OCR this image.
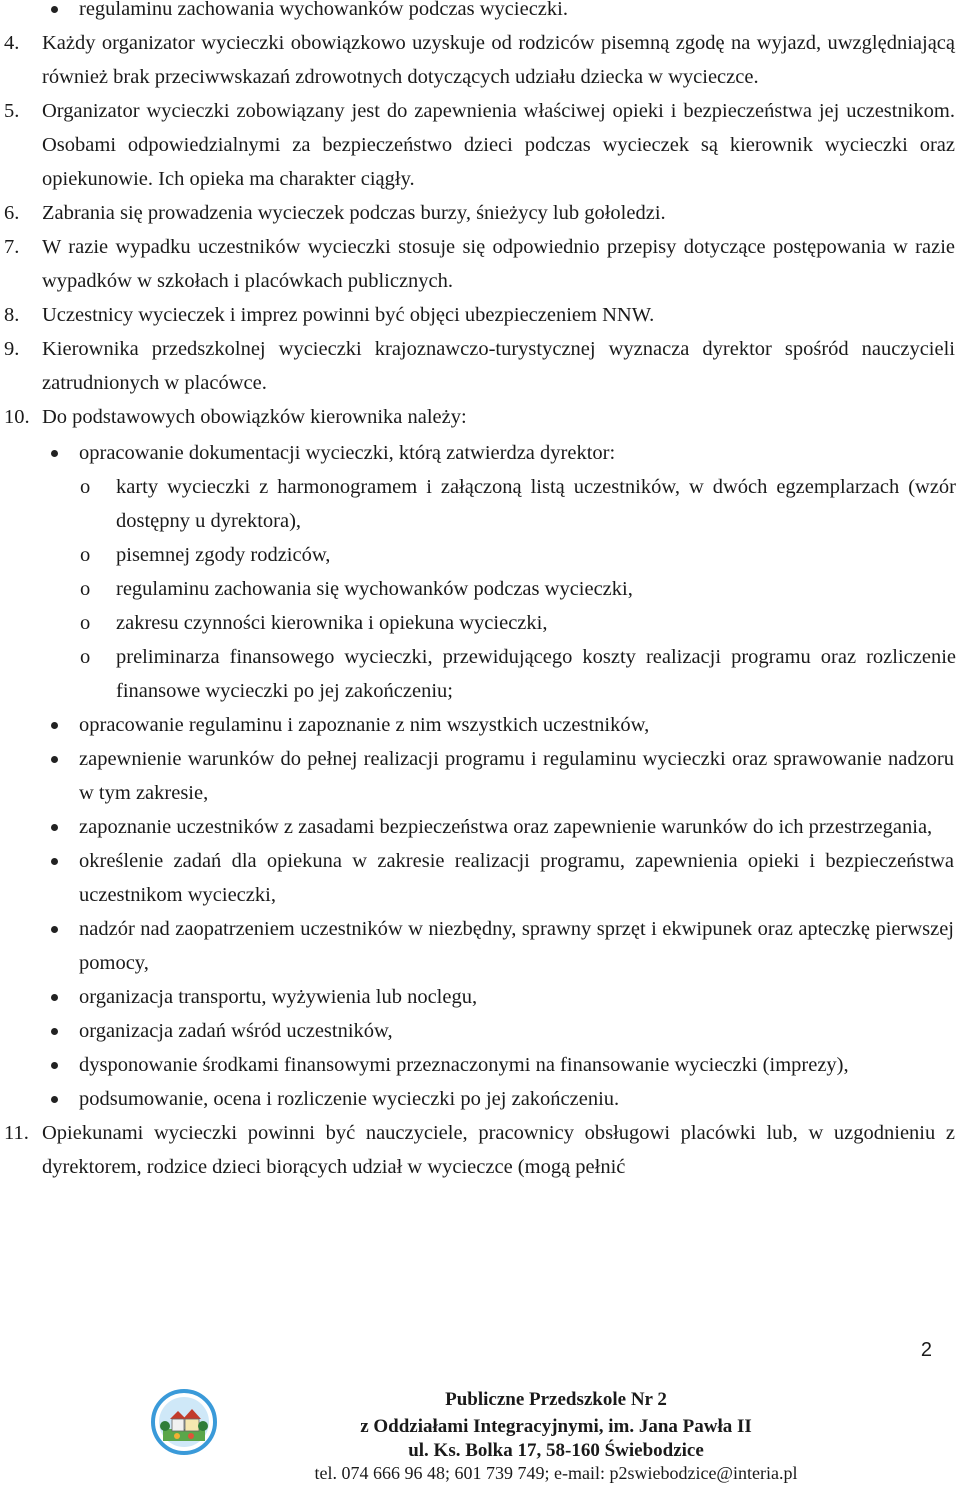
regulaminu zachowania wychowanków podczas wycieczki.
4.	Każdy organizator wycieczki obowiązkowo uzyskuje od rodziców pisemną zgodę na wyjazd, uwzględniającą również brak przeciwwskazań zdrowotnych dotyczących udziału dziecka w wycieczce.
5.	Organizator wycieczki zobowiązany jest do zapewnienia właściwej opieki i bezpieczeństwa jej uczestnikom. Osobami odpowiedzialnymi za bezpieczeństwo dzieci podczas wycieczek są kierownik wycieczki oraz opiekunowie. Ich opieka ma charakter ciągły.
6.	Zabrania się prowadzenia wycieczek podczas burzy, śnieżycy lub gołoledzi.
7.	W razie wypadku uczestników wycieczki stosuje się odpowiednio przepisy dotyczące postępowania w razie wypadków w szkołach i placówkach publicznych.
8.	Uczestnicy wycieczek i imprez powinni być objęci ubezpieczeniem NNW.
9.	Kierownika przedszkolnej wycieczki krajoznawczo-turystycznej wyznacza dyrektor spośród nauczycieli zatrudnionych w placówce.
10. Do podstawowych obowiązków kierownika należy:
opracowanie dokumentacji wycieczki, którą zatwierdza dyrektor:
o	karty wycieczki z harmonogramem i załączoną listą uczestników, w dwóch egzemplarzach (wzór dostępny u dyrektora),
o	pisemnej zgody rodziców,
o	regulaminu zachowania się wychowanków podczas wycieczki,
o	zakresu czynności kierownika i opiekuna wycieczki,
o	preliminarza finansowego wycieczki, przewidującego koszty realizacji programu oraz rozliczenie finansowe wycieczki po jej zakończeniu;
opracowanie regulaminu i zapoznanie z nim wszystkich uczestników,
zapewnienie warunków do pełnej realizacji programu i regulaminu wycieczki oraz sprawowanie nadzoru w tym zakresie,
zapoznanie uczestników z zasadami bezpieczeństwa oraz zapewnienie warunków do ich przestrzegania,
określenie zadań dla opiekuna w zakresie realizacji programu, zapewnienia opieki i bezpieczeństwa uczestnikom wycieczki,
nadzór nad zaopatrzeniem uczestników w niezbędny, sprawny sprzęt i ekwipunek oraz apteczkę pierwszej pomocy,
organizacja transportu, wyżywienia lub noclegu,
organizacja zadań wśród uczestników,
dysponowanie środkami finansowymi przeznaczonymi na finansowanie wycieczki (imprezy),
podsumowanie, ocena i rozliczenie wycieczki po jej zakończeniu.
11. Opiekunami wycieczki powinni być nauczyciele, pracownicy obsługowi placówki lub, w uzgodnieniu z dyrektorem, rodzice dzieci biorących udział w wycieczce (mogą pełnić
2
Publiczne Przedszkole Nr 2
z Oddziałami Integracyjnymi, im. Jana Pawła II
ul. Ks. Bolka 17, 58-160 Świebodzice
tel. 074 666 96 48; 601 739 749; e-mail: p2swiebodzice@interia.pl
